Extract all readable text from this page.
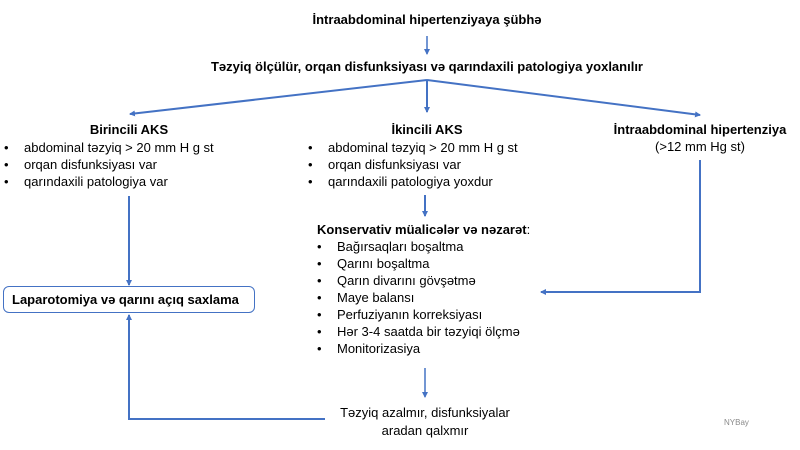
İntraabdominal hipertenziyaya şübhə
Təzyiq ölçülür, orqan disfunksiyası və qarındaxili patologiya yoxlanılır
Birincili AKS
• abdominal təzyiq > 20 mm H g st
• orqan disfunksiyası var
• qarındaxili patologiya var
İkincili AKS
• abdominal təzyiq > 20 mm H g st
• orqan disfunksiyası var
• qarındaxili patologiya yoxdur
İntraabdominal hipertenziya
(>12 mm Hg st)
Konservativ müalicələr və nəzarət:
• Bağırsaqları boşaltma
• Qarını boşaltma
• Qarın divarını gövşətmə
• Maye balansı
• Perfuziyanın korreksiyası
• Hər 3-4 saatda bir təzyiqi ölçmə
• Monitorizasiya
Laparotomiya və qarını açıq saxlama
Təzyiq azalmır, disfunksiyalar
aradan qalxmır
NYBay
